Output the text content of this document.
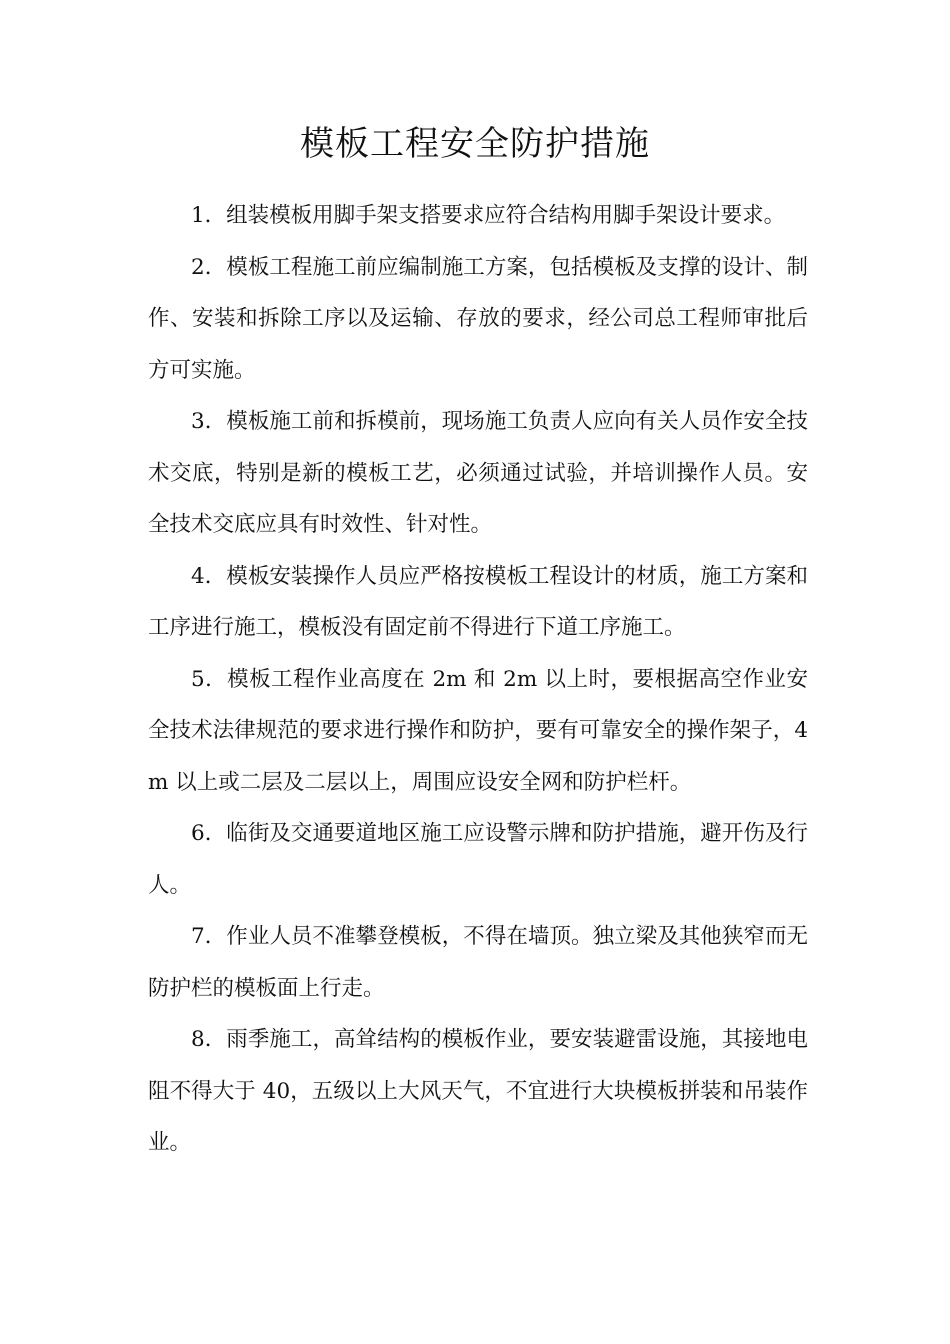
模板工程安全防护措施

1．组装模板用脚手架支搭要求应符合结构用脚手架设计要求。

2．模板工程施工前应编制施工方案，包括模板及支撑的设计、制作、安装和拆除工序以及运输、存放的要求，经公司总工程师审批后方可实施。

3．模板施工前和拆模前，现场施工负责人应向有关人员作安全技术交底，特别是新的模板工艺，必须通过试验，并培训操作人员。安全技术交底应具有时效性、针对性。

4．模板安装操作人员应严格按模板工程设计的材质，施工方案和工序进行施工，模板没有固定前不得进行下道工序施工。

5．模板工程作业高度在 2m 和 2m 以上时，要根据高空作业安全技术法律规范的要求进行操作和防护，要有可靠安全的操作架子，4m 以上或二层及二层以上，周围应设安全网和防护栏杆。

6．临街及交通要道地区施工应设警示牌和防护措施，避开伤及行人。

7．作业人员不准攀登模板，不得在墙顶。独立梁及其他狭窄而无防护栏的模板面上行走。

8．雨季施工，高耸结构的模板作业，要安装避雷设施，其接地电阻不得大于 40，五级以上大风天气，不宜进行大块模板拼装和吊装作业。
